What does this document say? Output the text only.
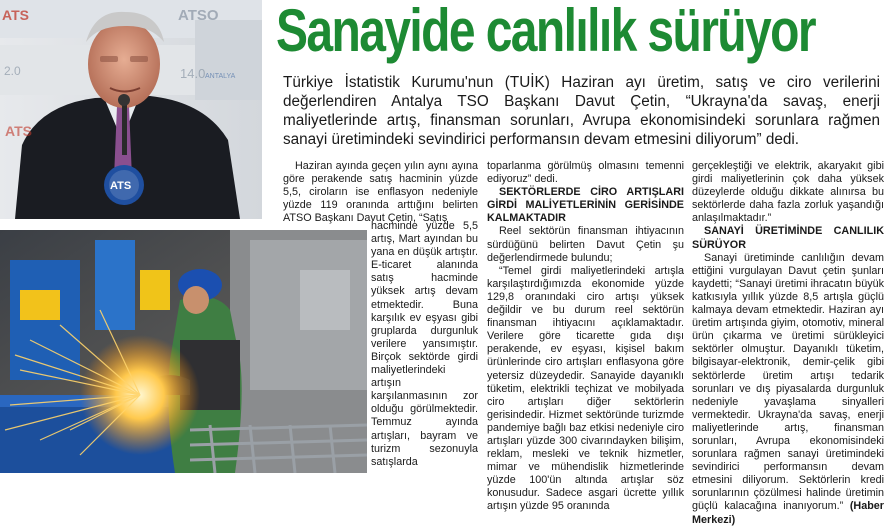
ATS	ATSO
2.0	14.0 ANTALYA
ATS
ATS
Sanayide canlılık sürüyor
Türkiye İstatistik Kurumu'nun (TUİK) Haziran ayı üretim, satış ve ciro verilerini değerlendiren Antalya TSO Başkanı Davut Çetin, “Ukrayna'da savaş, enerji maliyetlerinde artış, finansman sorunları, Avrupa ekonomisindeki sorunlara rağmen sanayi üretimindeki sevindirici performansın devam etmesini diliyorum” dedi.

Haziran ayında geçen yılın aynı ayına göre perakende satış hacminin yüzde 5,5, ciroların ise enflasyon nedeniyle yüzde 119 oranında arttığını belirten ATSO Başkanı Davut Çetin, “Satış

hacminde yüzde 5,5 artış, Mart ayından bu yana en düşük artıştır. E-ticaret alanında satış hacminde yüksek artış devam etmektedir. Buna karşılık ev eşyası gibi gruplarda durgunluk verilere yansımıştır. Birçok sektörde girdi maliyetlerindeki artışın karşılanmasının zor olduğu görülmektedir. Temmuz ayında artışları, bayram ve turizm sezonuyla satışlarda

toparlanma görülmüş olmasını temenni ediyoruz” dedi.

SEKTÖRLERDE CİRO ARTIŞLARI GİRDİ MALİYETLERİNİN GERİSİNDE KALMAKTADIR

Reel sektörün finansman ihtiyacının sürdüğünü belirten Davut Çetin şu değerlendirmede bulundu;

“Temel girdi maliyetlerindeki artışla karşılaştırdığımızda ekonomide yüzde 129,8 oranındaki ciro artışı yüksek değildir ve bu durum reel sektörün finansman ihtiyacını açıklamaktadır. Verilere göre ticarette gıda dışı perakende, ev eşyası, kişisel bakım ürünlerinde ciro artışları enflasyona göre yetersiz düzeydedir. Sanayide dayanıklı tüketim, elektrikli teçhizat ve mobilyada ciro artışları diğer sektörlerin gerisindedir. Hizmet sektöründe turizmde pandemiye bağlı baz etkisi nedeniyle ciro artışları yüzde 300 civarındayken bilişim, reklam, mesleki ve teknik hizmetler, mimar ve mühendislik hizmetlerinde yüzde 100'ün altında artışlar söz konusudur. Sadece asgari ücrette yıllık artışın yüzde 95 oranında

gerçekleştiği ve elektrik, akaryakıt gibi girdi maliyetlerinin çok daha yüksek düzeylerde olduğu dikkate alınırsa bu sektörlerde daha fazla zorluk yaşandığı anlaşılmaktadır.”

SANAYİ ÜRETİMİNDE CANLILIK SÜRÜYOR

Sanayi üretiminde canlılığın devam ettiğini vurgulayan Davut çetin şunları kaydetti; “Sanayi üretimi ihracatın büyük katkısıyla yıllık yüzde 8,5 artışla güçlü kalmaya devam etmektedir. Haziran ayı üretim artışında giyim, otomotiv, mineral ürün çıkarma ve üretimi sürükleyici sektörler olmuştur. Dayanıklı tüketim, bilgisayar-elektronik, demir-çelik gibi sektörlerde üretim artışı tedarik sorunları ve dış piyasalarda durgunluk nedeniyle yavaşlama sinyalleri vermektedir. Ukrayna'da savaş, enerji maliyetlerinde artış, finansman sorunları, Avrupa ekonomisindeki sorunlara rağmen sanayi üretimindeki sevindirici performansın devam etmesini diliyorum. Sektörlerin kredi sorunlarının çözülmesi halinde üretimin güçlü kalacağına inanıyorum.” (Haber Merkezi)
